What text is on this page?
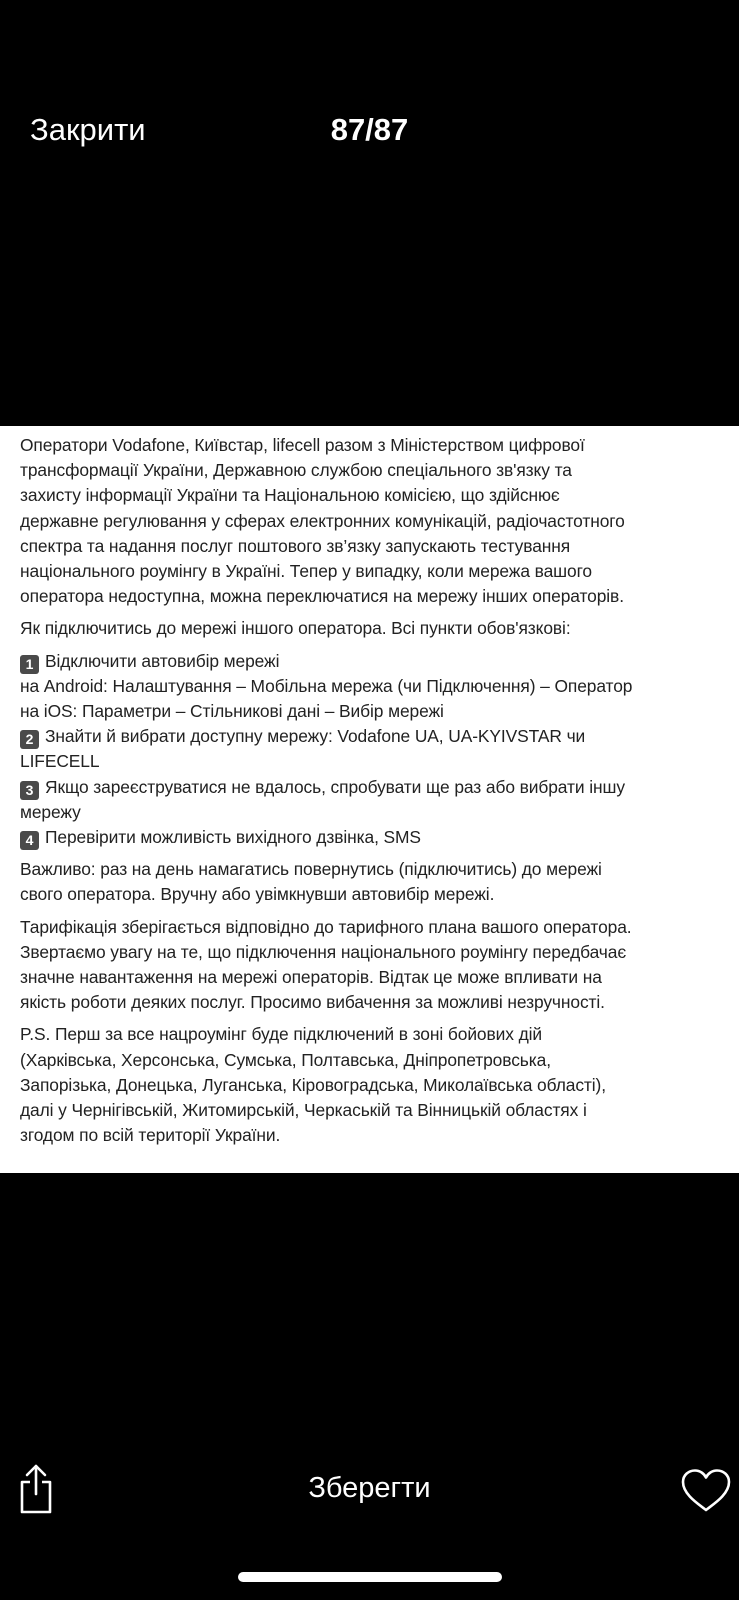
Закрити	87/87

Оператори Vodafone, Київстар, lifecell разом з Міністерством цифрової
трансформації України, Державною службою спеціального зв'язку та
захисту інформації України та Національною комісією, що здійснює
державне регулювання у сферах електронних комунікацій, радіочастотного
спектра та надання послуг поштового зв’язку запускають тестування
національного роумінгу в Україні. Тепер у випадку, коли мережа вашого
оператора недоступна, можна переключатися на мережу інших операторів.

Як підключитись до мережі іншого оператора. Всі пункти обов'язкові:

1 Відключити автовибір мережі
на Android: Налаштування – Мобільна мережа (чи Підключення) – Оператор
на iOS: Параметри – Стільникові дані – Вибір мережі
2 Знайти й вибрати доступну мережу: Vodafone UA, UA-KYIVSTAR чи
LIFECELL
3 Якщо зареєструватися не вдалось, спробувати ще раз або вибрати іншу
мережу
4 Перевірити можливість вихідного дзвінка, SMS

Важливо: раз на день намагатись повернутись (підключитись) до мережі
свого оператора. Вручну або увімкнувши автовибір мережі.

Тарифікація зберігається відповідно до тарифного плана вашого оператора.
Звертаємо увагу на те, що підключення національного роумінгу передбачає
значне навантаження на мережі операторів. Відтак це може впливати на
якість роботи деяких послуг. Просимо вибачення за можливі незручності.

P.S. Перш за все нацроумінг буде підключений в зоні бойових дій
(Харківська, Херсонська, Сумська, Полтавська, Дніпропетровська,
Запорізька, Донецька, Луганська, Кіровоградська, Миколаївська області),
далі у Чернігівській, Житомирській, Черкаській та Вінницькій областях і
згодом по всій території України.

Зберегти
